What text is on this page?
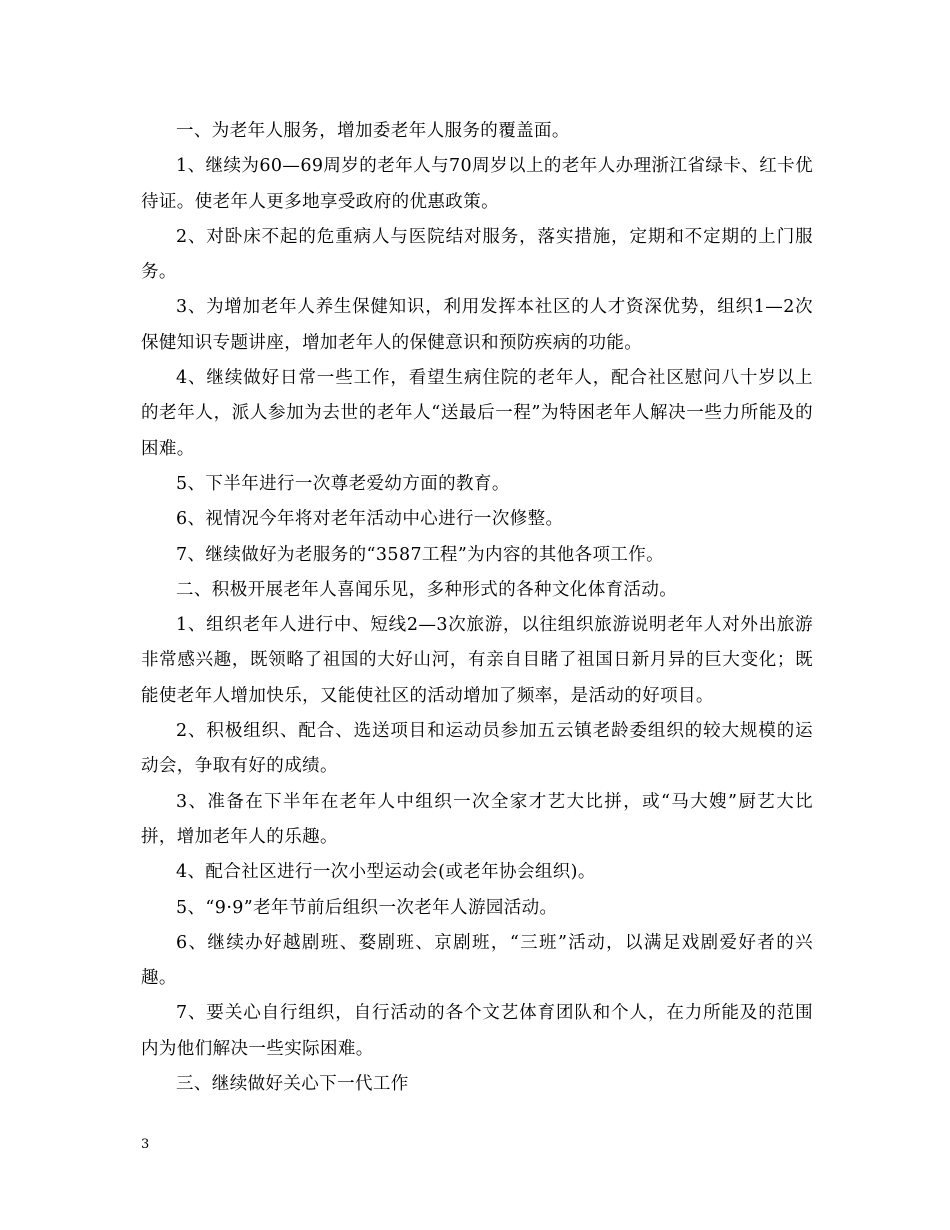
一、为老年人服务，增加委老年人服务的覆盖面。

1、继续为60—69周岁的老年人与70周岁以上的老年人办理浙江省绿卡、红卡优待证。使老年人更多地享受政府的优惠政策。

2、对卧床不起的危重病人与医院结对服务，落实措施，定期和不定期的上门服务。

3、为增加老年人养生保健知识，利用发挥本社区的人才资深优势，组织1—2次保健知识专题讲座，增加老年人的保健意识和预防疾病的功能。

4、继续做好日常一些工作，看望生病住院的老年人，配合社区慰问八十岁以上的老年人，派人参加为去世的老年人“送最后一程”为特困老年人解决一些力所能及的困难。

5、下半年进行一次尊老爱幼方面的教育。

6、视情况今年将对老年活动中心进行一次修整。

7、继续做好为老服务的“3587工程”为内容的其他各项工作。

二、积极开展老年人喜闻乐见，多种形式的各种文化体育活动。

1、组织老年人进行中、短线2—3次旅游，以往组织旅游说明老年人对外出旅游非常感兴趣，既领略了祖国的大好山河，有亲自目睹了祖国日新月异的巨大变化；既能使老年人增加快乐，又能使社区的活动增加了频率，是活动的好项目。

2、积极组织、配合、选送项目和运动员参加五云镇老龄委组织的较大规模的运动会，争取有好的成绩。

3、准备在下半年在老年人中组织一次全家才艺大比拼，或“马大嫂”厨艺大比拼，增加老年人的乐趣。

4、配合社区进行一次小型运动会(或老年协会组织)。

5、“9·9”老年节前后组织一次老年人游园活动。

6、继续办好越剧班、婺剧班、京剧班，“三班”活动，以满足戏剧爱好者的兴趣。

7、要关心自行组织，自行活动的各个文艺体育团队和个人，在力所能及的范围内为他们解决一些实际困难。

三、继续做好关心下一代工作

3
